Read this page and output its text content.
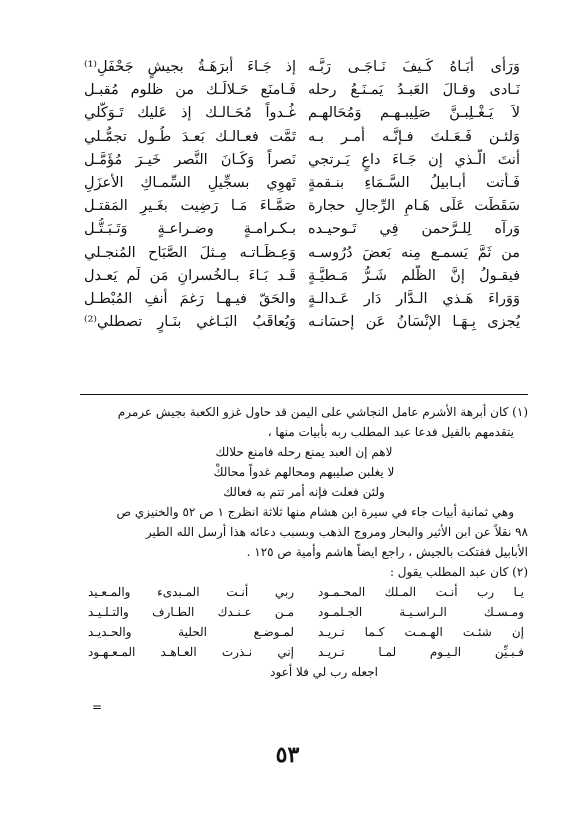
وَرَأى أبَـاهُ كَـيفَ نَـاجَـى رَبَّـه
نَـادى وقـالَ العَبـدُ يَمـنَـعُ رحله
لاَ يَـغْـلِبـنَّ صَلِيبـهـم وَمُحَالهـم
وَلئـن فَـعَـلتَ فـإنَّـه أمـر بـه
أنتَ الَّـذي إن جَـاءَ داعٍ يَـرتجي
فَـأتت أبـابيلُ السَّـمَاءِ بنـقمةٍ
سَقَطَت عَلَى هَـامِ الرِّجالِ حجارة
وَرآه لِلـرَّحمن فِي تَـوحيـده
من ثَمَّ يَسمـع مِنه بَعضَ دُرُوسـه
فيقـولُ إنَّ الظُّلم شَـرُّ مَـطيَّـةٍ
وَوَراءَ هَـذي الـدَّار دَار عَـدالـةٍ
يُجزى بِـهَـا الإنْسَانُ عَن إحسَانـه
إذ جَـاءَ أبرَهَـةُ بجيشٍ جَحْفَلِ⁽¹⁾
فَـامنَع حَـلالَـك من ظلوم مُقبـل
غُـدواً مُحَـالـك إذ عَليك تَـوَكُّلي
تَمَّت فعـالـك بَعـدَ طُـول تجمُّـلي
نَصراً وَكَـانَ النَّصر خَيـرَ مُؤَمَّـل
تَهوِي بسجِّيلِ السِّمـاكِ الأعزَلِ
صَمَّـاءَ مَـا رَضِيت بغَـيرِ المَقتـل
بـكـرامـةٍ وضـراعـةٍ وَتَـبَـتُّـل
وَعِـظَـاتـه مِـثلَ الصَّبَاح المُنجـلي
قَـد بَـاءَ بـالخُسرانِ مَن لَم يَعـدل
والحَقّ فيـهـا رَغمَ أنفِ المُبْطـل
وَيُعاقَبُ البَـاغي بنَـارٍ تصطلي⁽²⁾
(١) كان أبرهة الأشرم عامل النجاشي على اليمن قد حاول غزو الكعبة بجيش عرمرم
يتقدمهم بالفيل فدعا عبد المطلب ربه بأبيات منها ،
لاهم إن العبد يمنع رحله فامنع حلالك
لا يغلبن صليبهم ومحالهم غدواً محالكْ
ولئن فعلت فإنه أمر تتم به فعالك
وهي ثمانية أبيات جاء في سيرة ابن هشام منها ثلاثة انظرج ١ ص ٥٢ والخنيزي ص
٩٨ نقلاً عن ابن الأثير والبحار ومروج الذهب وبسبب دعائه هذا أرسل الله الطير
الأبابيل ففتكت بالجيش ، راجع ايضاً هاشم وأمية ص ١٢٥ .
(٢) كان عبد المطلب يقول :
يـا رب أنـت المـلك المحـمـود
ربي أنـت المـبدىء والمـعـيد
ومـسـك الـراسـيـة الجـلمـود
مـن عـنـدك الطـارف والتـلـيـد
إن شئـت الهـمـت كـما تـريـد
لمـوضـع الحلية والحـديـد
فـبـيِّن الـيـوم لمـا تـريـد
إني نـذرت العـاهـد المـعـهـود
اجعله رب لي فلا أعود
=
٥٣
